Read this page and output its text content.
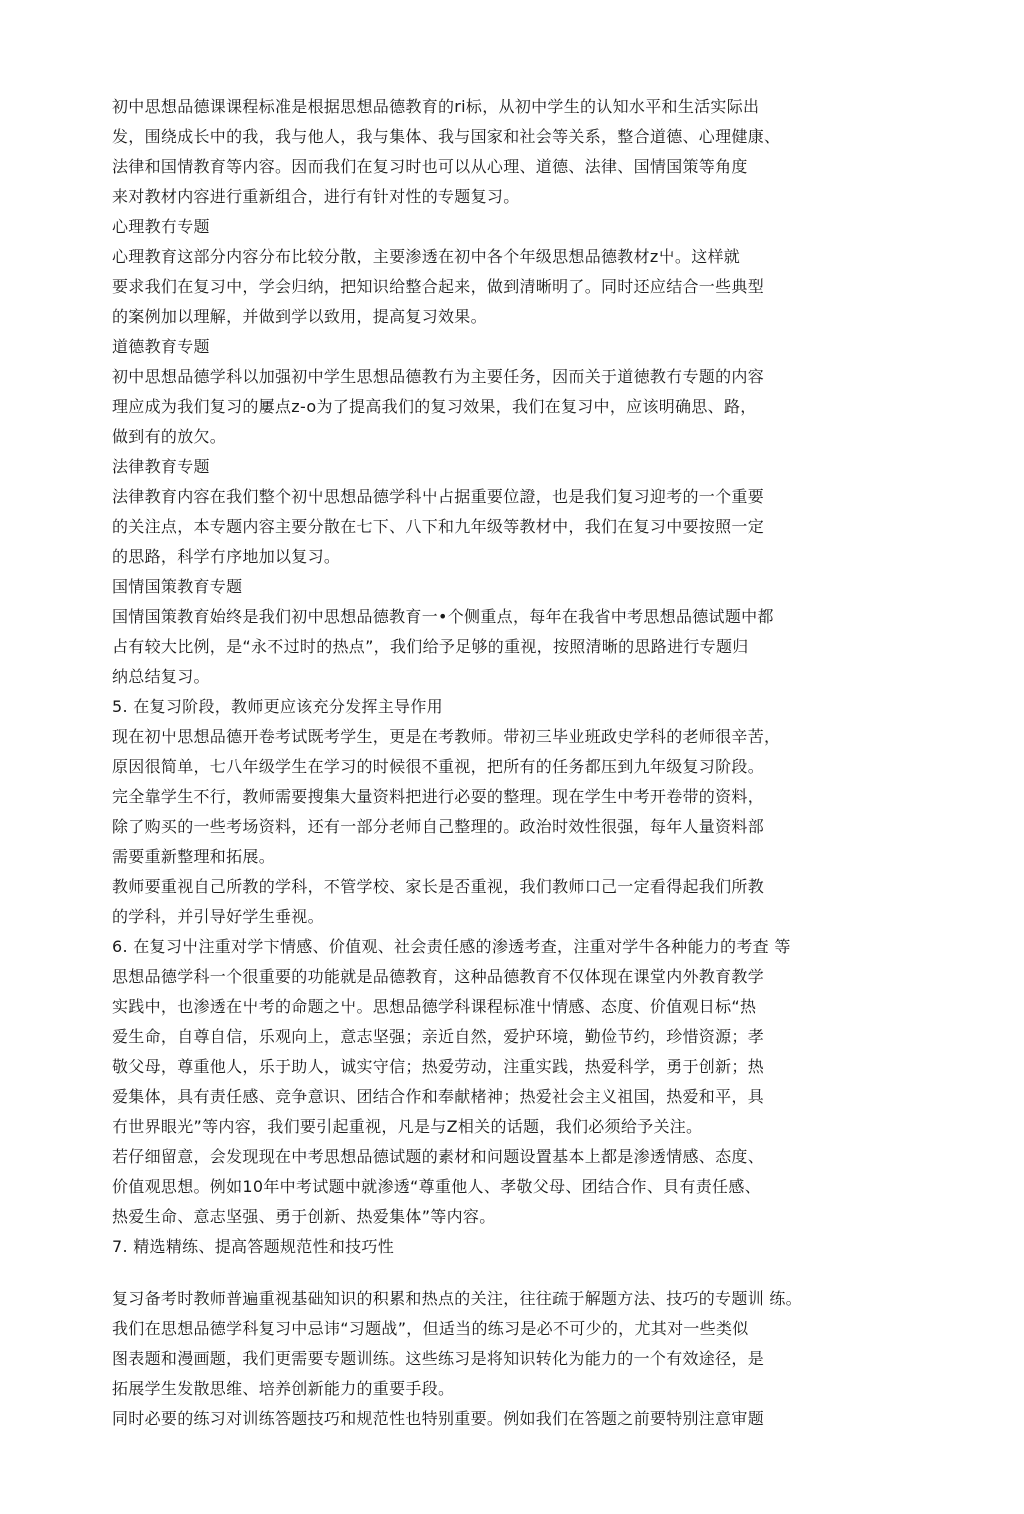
初中思想品德课课程标准是根据思想品德教育的ri标，从初中学生的认知水平和生活实际出
发，围绕成长中的我，我与他人，我与集体、我与国家和社会等关系，整合道德、心理健康、
法律和国情教育等内容。因而我们在复习时也可以从心理、道德、法律、国情国策等角度
来对教材内容进行重新组合，进行有针对性的专题复习。
心理教冇专题
心理教育这部分内容分布比较分散，主要渗透在初中各个年级思想品德教材z屮。这样就
要求我们在复习中，学会归纳，把知识给整合起来，做到清晰明了。同时还应结合一些典型
的案例加以理解，并做到学以致用，提高复习效果。
道德教育专题
初中思想品德学科以加强初中学生思想品德教冇为主要任务，因而关于道徳教冇专题的内容
理应成为我们复习的屢点z-o为了提高我们的复习效果，我们在复习中，应该明确思、路，
做到有的放欠。
法律教育专题
法律教育内容在我们整个初屮思想品德学科屮占据重要位證，也是我们复习迎考的一个重要
的关注点，本专题内容主要分散在七下、八下和九年级等教材中，我们在复习中要按照一定
的思路，科学冇序地加以复习。
国情国策教育专题
国情国策教育始终是我们初中思想品德教育一•个侧重点，每年在我省中考思想品德试题中都
占有较大比例，是“永不过时的热点”，我们给予足够的重视，按照清晰的思路进行专题归
纳总结复习。
5. 在复习阶段，教师更应该充分发挥主导作用
现在初屮思想品德开卷考试既考学生，更是在考教师。带初三毕业班政史学科的老师很辛苦，
原因很简单，七八年级学生在学习的时候很不重视，把所有的任务都压到九年级复习阶段。
完全靠学生不行，教师需要搜集大量资料把进行必耍的整理。现在学生中考开卷带的资料，
除了购买的一些考场资料，还有一部分老师自己整理的。政治时效性很强，每年人量资料部
需要重新整理和拓展。
教师要重视自己所教的学科，不管学校、家长是否重视，我们教师口己一定看得起我们所教
的学科，并引导好学生垂视。
6. 在复习屮注重对学卞情感、价值观、社会责任感的渗透考查，注重对学牛各种能力的考査 等
思想品德学科一个很重要的功能就是品德教育，这种品德教育不仅体现在课堂内外教育教学
实践中，也渗透在屮考的命题之屮。思想品德学科课程标准屮情感、态度、价值观日标“热
爱生命，自尊自信，乐观向上，意志坚强；亲近自然，爱护环境，勤俭节约，珍惜资源；孝
敬父母，尊重他人，乐于助人，诚实守信；热爱劳动，注重实践，热爱科学，勇于创新；热
爱集体，具有责任感、竞争意识、团结合作和奉献楮神；热爱社会主义祖国，热爱和平，具
冇世界眼光”等内容，我们要引起重视，凡是与Z相关的话题，我们必须给予关注。
若仔细留意，会发现现在中考思想品德试题的素材和问题设置基本上都是渗透情感、态度、
价值观思想。例如10年中考试题中就渗透“尊重他人、孝敬父母、团结合作、貝有责任感、
热爱生命、意志坚强、勇于创新、热爱集体”等内容。
7. 精选精练、提高答题规范性和技巧性
复习备考时教师普遍重视基础知识的积累和热点的关注，往往疏于解题方法、技巧的专题训 练。
我们在思想品德学科复习中忌讳“习题战”，但适当的练习是必不可少的，尤其对一些类似
图表题和漫画题，我们更需要专题训练。这些练习是将知识转化为能力的一个有效途径，是
拓展学生发散思维、培养创新能力的重要手段。
同时必要的练习对训练答题技巧和规范性也特别重要。例如我们在答题之前要特别注意审题
